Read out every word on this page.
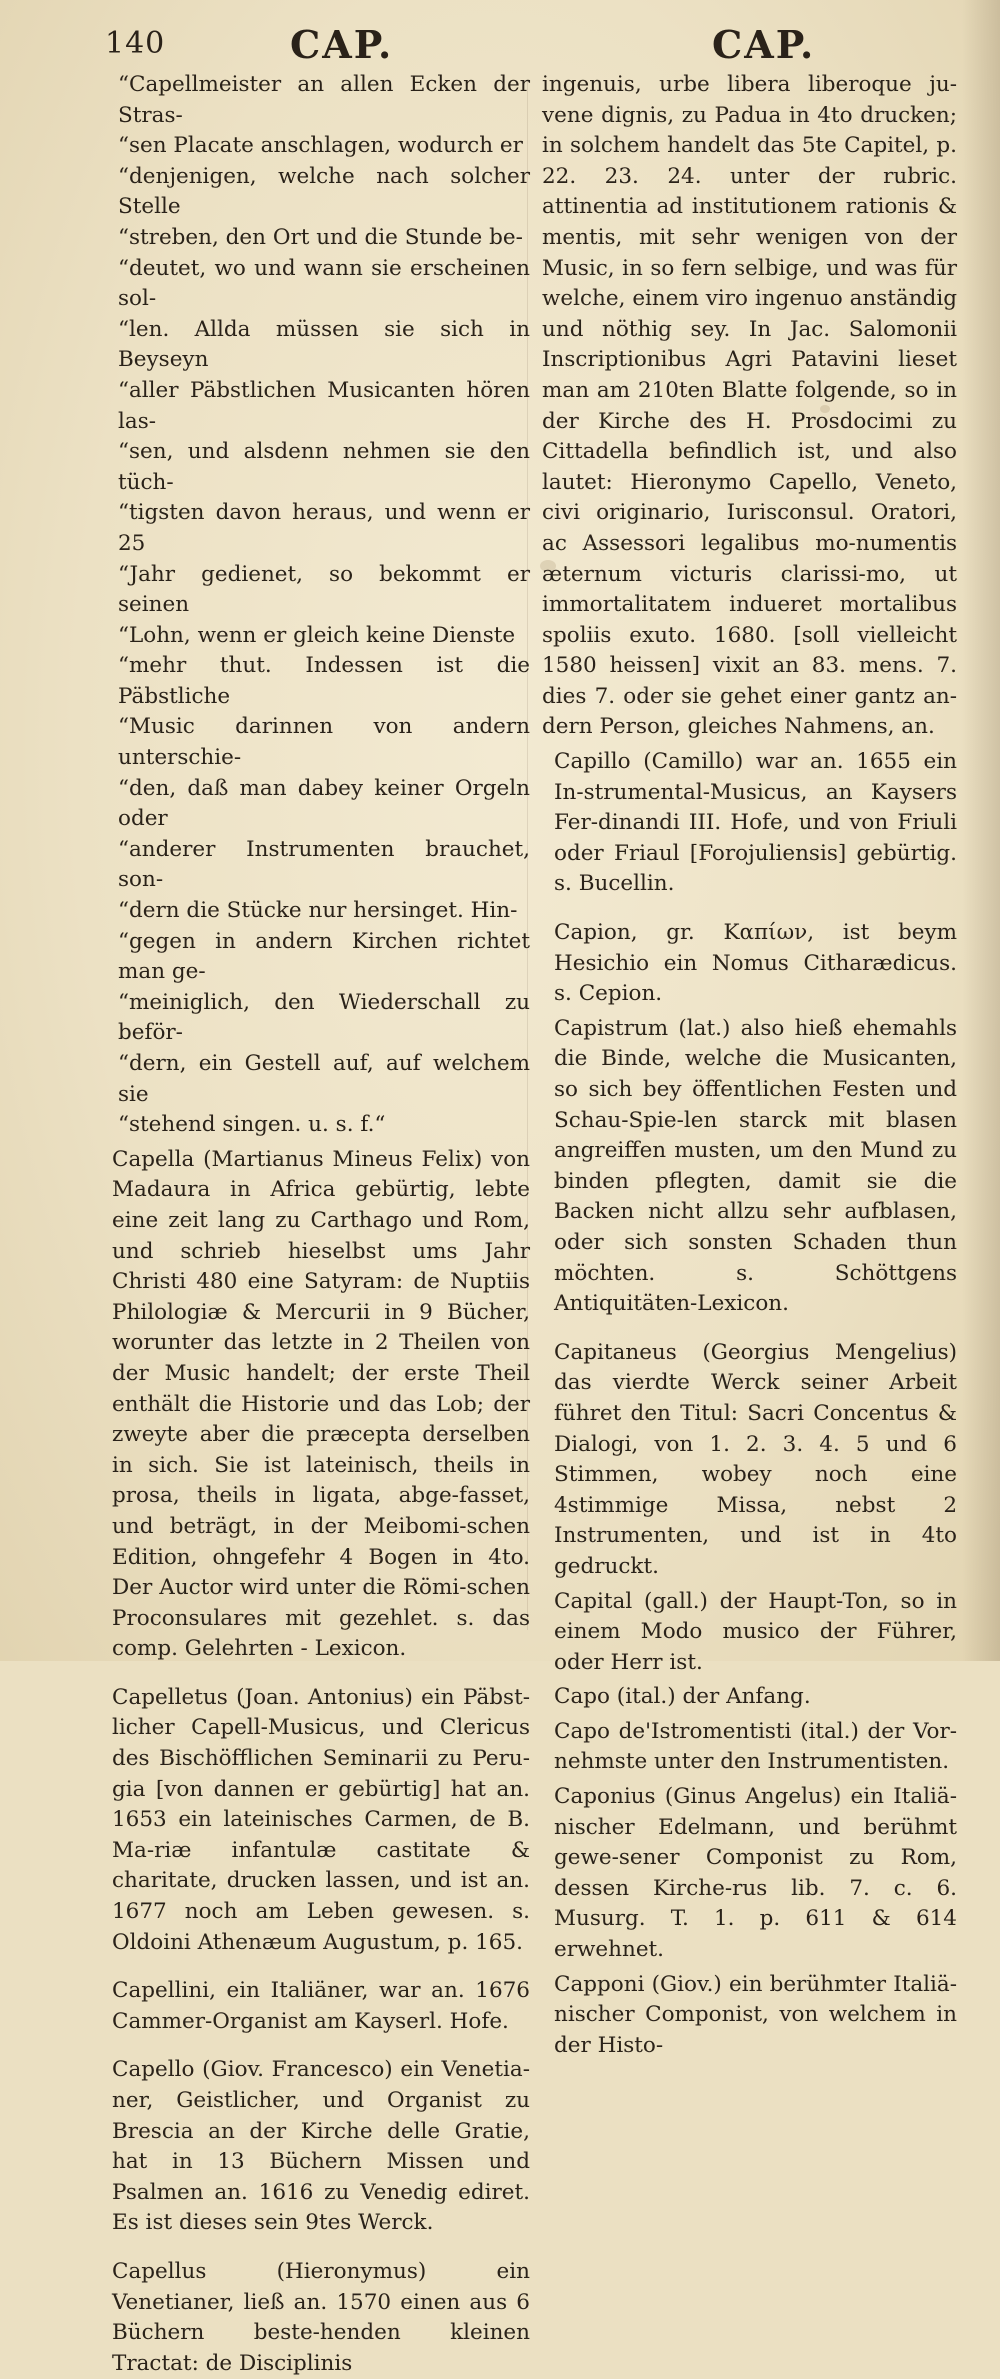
140	CAP.	CAP.

“Capellmeister an allen Ecken der Stras-
“sen Placate anschlagen, wodurch er
“denjenigen, welche nach solcher Stelle
“streben, den Ort und die Stunde be-
“deutet, wo und wann sie erscheinen sol-
“len. Allda müssen sie sich in Beyseyn
“aller Päbstlichen Musicanten hören las-
“sen, und alsdenn nehmen sie den tüch-
“tigsten davon heraus, und wenn er 25
“Jahr gedienet, so bekommt er seinen
“Lohn, wenn er gleich keine Dienste
“mehr thut. Indessen ist die Päbstliche
“Music darinnen von andern unterschie-
“den, daß man dabey keiner Orgeln oder
“anderer Instrumenten brauchet, son-
“dern die Stücke nur hersinget. Hin-
“gegen in andern Kirchen richtet man ge-
“meiniglich, den Wiederschall zu beför-
“dern, ein Gestell auf, auf welchem sie
“stehend singen. u. s. f.“

Capella (Martianus Mineus Felix) von Madaura in Africa gebürtig, lebte eine zeit lang zu Carthago und Rom, und schrieb hieselbst ums Jahr Christi 480 eine Satyram: de Nuptiis Philologiæ & Mercurii in 9 Bücher, worunter das letzte in 2 Theilen von der Music handelt; der erste Theil enthält die Historie und das Lob; der zweyte aber die præcepta derselben in sich. Sie ist lateinisch, theils in prosa, theils in ligata, abge-fasset, und beträgt, in der Meibomi-schen Edition, ohngefehr 4 Bogen in 4to. Der Auctor wird unter die Römi-schen Proconsulares mit gezehlet. s. das comp. Gelehrten - Lexicon.

Capelletus (Joan. Antonius) ein Päbst-licher Capell-Musicus, und Clericus des Bischöfflichen Seminarii zu Peru-gia [von dannen er gebürtig] hat an. 1653 ein lateinisches Carmen, de B. Ma-riæ infantulæ castitate & charitate, drucken lassen, und ist an. 1677 noch am Leben gewesen. s. Oldoini Athenæum Augustum, p. 165.

Capellini, ein Italiäner, war an. 1676 Cammer-Organist am Kayserl. Hofe.

Capello (Giov. Francesco) ein Venetia-ner, Geistlicher, und Organist zu Brescia an der Kirche delle Gratie, hat in 13 Büchern Missen und Psalmen an. 1616 zu Venedig ediret. Es ist dieses sein 9tes Werck.

Capellus (Hieronymus) ein Venetianer, ließ an. 1570 einen aus 6 Büchern beste-henden kleinen Tractat: de Disciplinis

ingenuis, urbe libera liberoque ju-vene dignis, zu Padua in 4to drucken; in solchem handelt das 5te Capitel, p. 22. 23. 24. unter der rubric. attinentia ad institutionem rationis & mentis, mit sehr wenigen von der Music, in so fern selbige, und was für welche, einem viro ingenuo anständig und nöthig sey. In Jac. Salomonii Inscriptionibus Agri Patavini lieset man am 210ten Blatte folgende, so in der Kirche des H. Prosdocimi zu Cittadella befindlich ist, und also lautet: Hieronymo Capello, Veneto, civi originario, Iurisconsul. Oratori, ac Assessori legalibus mo-numentis æternum victuris clarissi-mo, ut immortalitatem indueret mortalibus spoliis exuto. 1680. [soll vielleicht 1580 heissen] vixit an 83. mens. 7. dies 7. oder sie gehet einer gantz an-dern Person, gleiches Nahmens, an.

Capillo (Camillo) war an. 1655 ein In-strumental-Musicus, an Kaysers Fer-dinandi III. Hofe, und von Friuli oder Friaul [Forojuliensis] gebürtig. s. Bucellin.

Capion, gr. Καπίων, ist beym Hesichio ein Nomus Citharædicus. s. Cepion.

Capistrum (lat.) also hieß ehemahls die Binde, welche die Musicanten, so sich bey öffentlichen Festen und Schau-Spie-len starck mit blasen angreiffen musten, um den Mund zu binden pflegten, damit sie die Backen nicht allzu sehr aufblasen, oder sich sonsten Schaden thun möchten. s. Schöttgens Antiquitäten-Lexicon.

Capitaneus (Georgius Mengelius) das vierdte Werck seiner Arbeit führet den Titul: Sacri Concentus & Dialogi, von 1. 2. 3. 4. 5 und 6 Stimmen, wobey noch eine 4stimmige Missa, nebst 2 Instrumenten, und ist in 4to gedruckt.

Capital (gall.) der Haupt-Ton, so in einem Modo musico der Führer, oder Herr ist.

Capo (ital.) der Anfang.

Capo de'Istromentisti (ital.) der Vor-nehmste unter den Instrumentisten.

Caponius (Ginus Angelus) ein Italiä-nischer Edelmann, und berühmt gewe-sener Componist zu Rom, dessen Kirche-rus lib. 7. c. 6. Musurg. T. 1. p. 611 & 614 erwehnet.

Capponi (Giov.) ein berühmter Italiä-nischer Componist, von welchem in der Histo-
